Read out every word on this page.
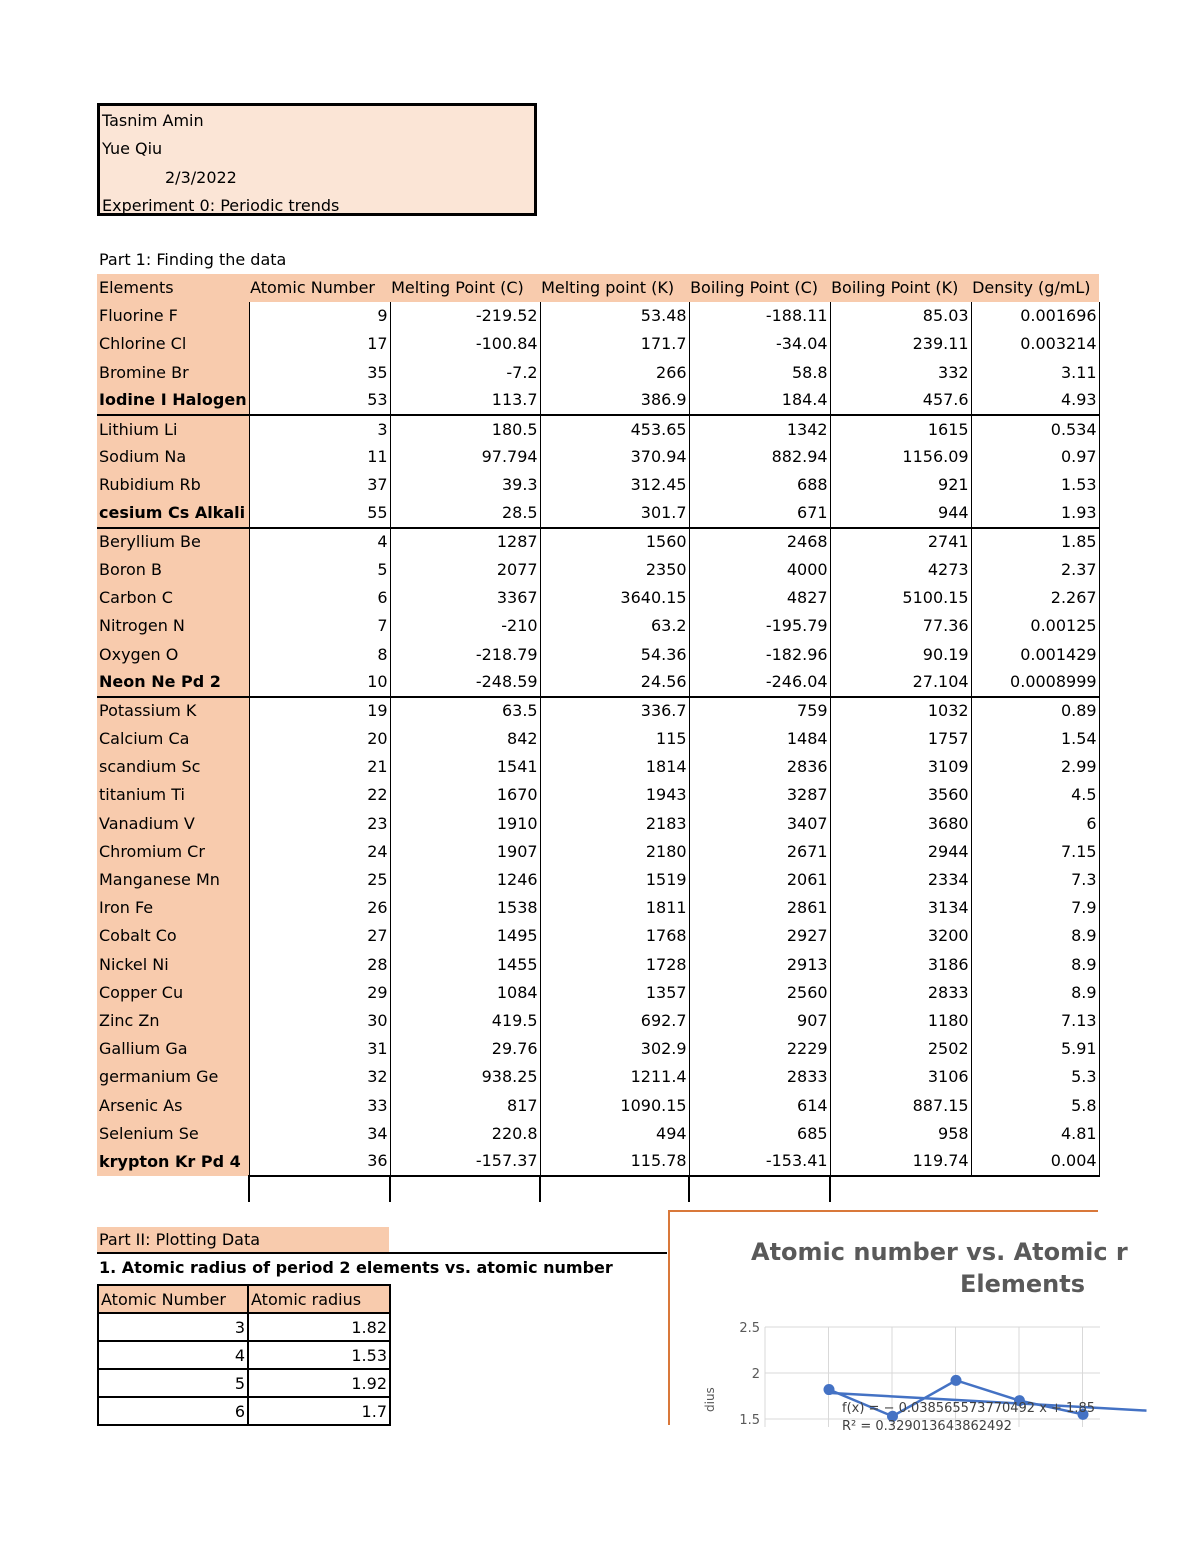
Tasnim Amin
Yue Qiu
2/3/2022
Experiment 0: Periodic trends
Part 1: Finding the data
Elements	Atomic Number	Melting Point (C)	Melting point (K)	Boiling Point (C)	Boiling Point (K)	Density (g/mL)
Fluorine F	9	-219.52	53.48	-188.11	85.03	0.001696
Chlorine Cl	17	-100.84	171.7	-34.04	239.11	0.003214
Bromine Br	35	-7.2	266	58.8	332	3.11
Iodine I Halogen	53	113.7	386.9	184.4	457.6	4.93
Lithium Li	3	180.5	453.65	1342	1615	0.534
Sodium Na	11	97.794	370.94	882.94	1156.09	0.97
Rubidium Rb	37	39.3	312.45	688	921	1.53
cesium Cs Alkali	55	28.5	301.7	671	944	1.93
Beryllium Be	4	1287	1560	2468	2741	1.85
Boron B	5	2077	2350	4000	4273	2.37
Carbon C	6	3367	3640.15	4827	5100.15	2.267
Nitrogen N	7	-210	63.2	-195.79	77.36	0.00125
Oxygen O	8	-218.79	54.36	-182.96	90.19	0.001429
Neon Ne Pd 2	10	-248.59	24.56	-246.04	27.104	0.0008999
Potassium K	19	63.5	336.7	759	1032	0.89
Calcium Ca	20	842	115	1484	1757	1.54
scandium Sc	21	1541	1814	2836	3109	2.99
titanium Ti	22	1670	1943	3287	3560	4.5
Vanadium V	23	1910	2183	3407	3680	6
Chromium Cr	24	1907	2180	2671	2944	7.15
Manganese Mn	25	1246	1519	2061	2334	7.3
Iron Fe	26	1538	1811	2861	3134	7.9
Cobalt Co	27	1495	1768	2927	3200	8.9
Nickel Ni	28	1455	1728	2913	3186	8.9
Copper Cu	29	1084	1357	2560	2833	8.9
Zinc Zn	30	419.5	692.7	907	1180	7.13
Gallium Ga	31	29.76	302.9	2229	2502	5.91
germanium Ge	32	938.25	1211.4	2833	3106	5.3
Arsenic As	33	817	1090.15	614	887.15	5.8
Selenium Se	34	220.8	494	685	958	4.81
krypton Kr Pd 4	36	-157.37	115.78	-153.41	119.74	0.004

Part II: Plotting Data
1. Atomic radius of period 2 elements vs. atomic number
Atomic Number	Atomic radius
3	1.82
4	1.53
5	1.92
6	1.7
Atomic number vs. Atomic r
Elements
dius
2.5
2
1.5
f(x) = − 0.0385655737704​92 x + 1.85
R² = 0.329013643862492
